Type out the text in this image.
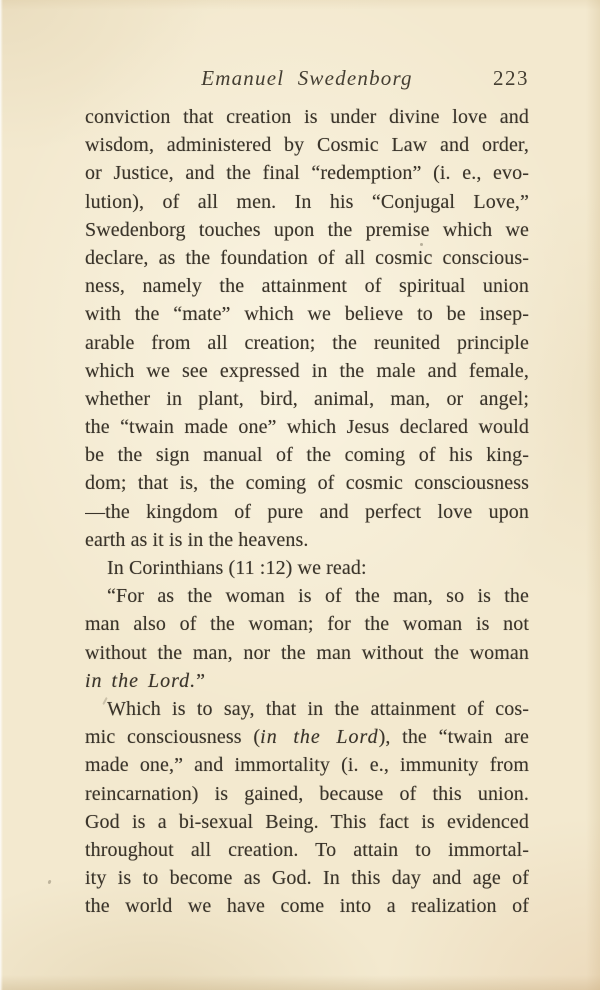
Emanuel Swedenborg	223
conviction that creation is under divine love and
wisdom, administered by Cosmic Law and order,
or Justice, and the final “redemption” (i. e., evo-
lution), of all men. In his “Conjugal Love,”
Swedenborg touches upon the premise which we
declare, as the foundation of all cosmic conscious-
ness, namely the attainment of spiritual union
with the “mate” which we believe to be insep-
arable from all creation; the reunited principle
which we see expressed in the male and female,
whether in plant, bird, animal, man, or angel;
the “twain made one” which Jesus declared would
be the sign manual of the coming of his king-
dom; that is, the coming of cosmic consciousness
—the kingdom of pure and perfect love upon
earth as it is in the heavens.
In Corinthians (11 :12) we read:
“For as the woman is of the man, so is the
man also of the woman; for the woman is not
without the man, nor the man without the woman
in the Lord.”
Which is to say, that in the attainment of cos-
mic consciousness (in the Lord), the “twain are
made one,” and immortality (i. e., immunity from
reincarnation) is gained, because of this union.
God is a bi-sexual Being. This fact is evidenced
throughout all creation. To attain to immortal-
ity is to become as God. In this day and age of
the world we have come into a realization of
